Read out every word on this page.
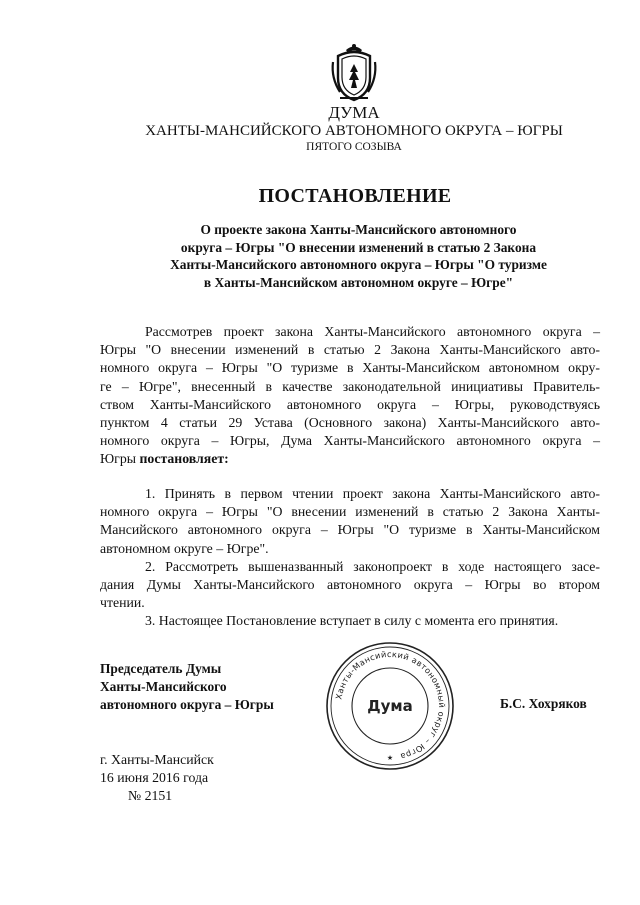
ДУМА
ХАНТЫ-МАНСИЙСКОГО АВТОНОМНОГО ОКРУГА – ЮГРЫ
ПЯТОГО СОЗЫВА
ПОСТАНОВЛЕНИЕ
О проекте закона Ханты-Мансийского автономного
округа – Югры "О внесении изменений в статью 2 Закона
Ханты-Мансийского автономного округа – Югры "О туризме
в Ханты-Мансийском автономном округе – Югре"
Рассмотрев проект закона Ханты-Мансийского автономного округа –
Югры "О внесении изменений в статью 2 Закона Ханты-Мансийского авто-
номного округа – Югры "О туризме в Ханты-Мансийском автономном окру-
ге – Югре", внесенный в качестве законодательной инициативы Правитель-
ством Ханты-Мансийского автономного округа – Югры, руководствуясь
пунктом 4 статьи 29 Устава (Основного закона) Ханты-Мансийского авто-
номного округа – Югры, Дума Ханты-Мансийского автономного округа –
Югры постановляет:
1. Принять в первом чтении проект закона Ханты-Мансийского авто-
номного округа – Югры "О внесении изменений в статью 2 Закона Ханты-
Мансийского автономного округа – Югры "О туризме в Ханты-Мансийском
автономном округе – Югре".
2. Рассмотреть вышеназванный законопроект в ходе настоящего засе-
дания Думы Ханты-Мансийского автономного округа – Югры во втором
чтении.
3. Настоящее Постановление вступает в силу с момента его принятия.
Председатель Думы
Ханты-Мансийского
автономного округа – Югры
Ханты-Мансийский автономный округ – Югра
Дума
★
Б.С. Хохряков
г. Ханты-Мансийск
16 июня 2016 года
№ 2151
